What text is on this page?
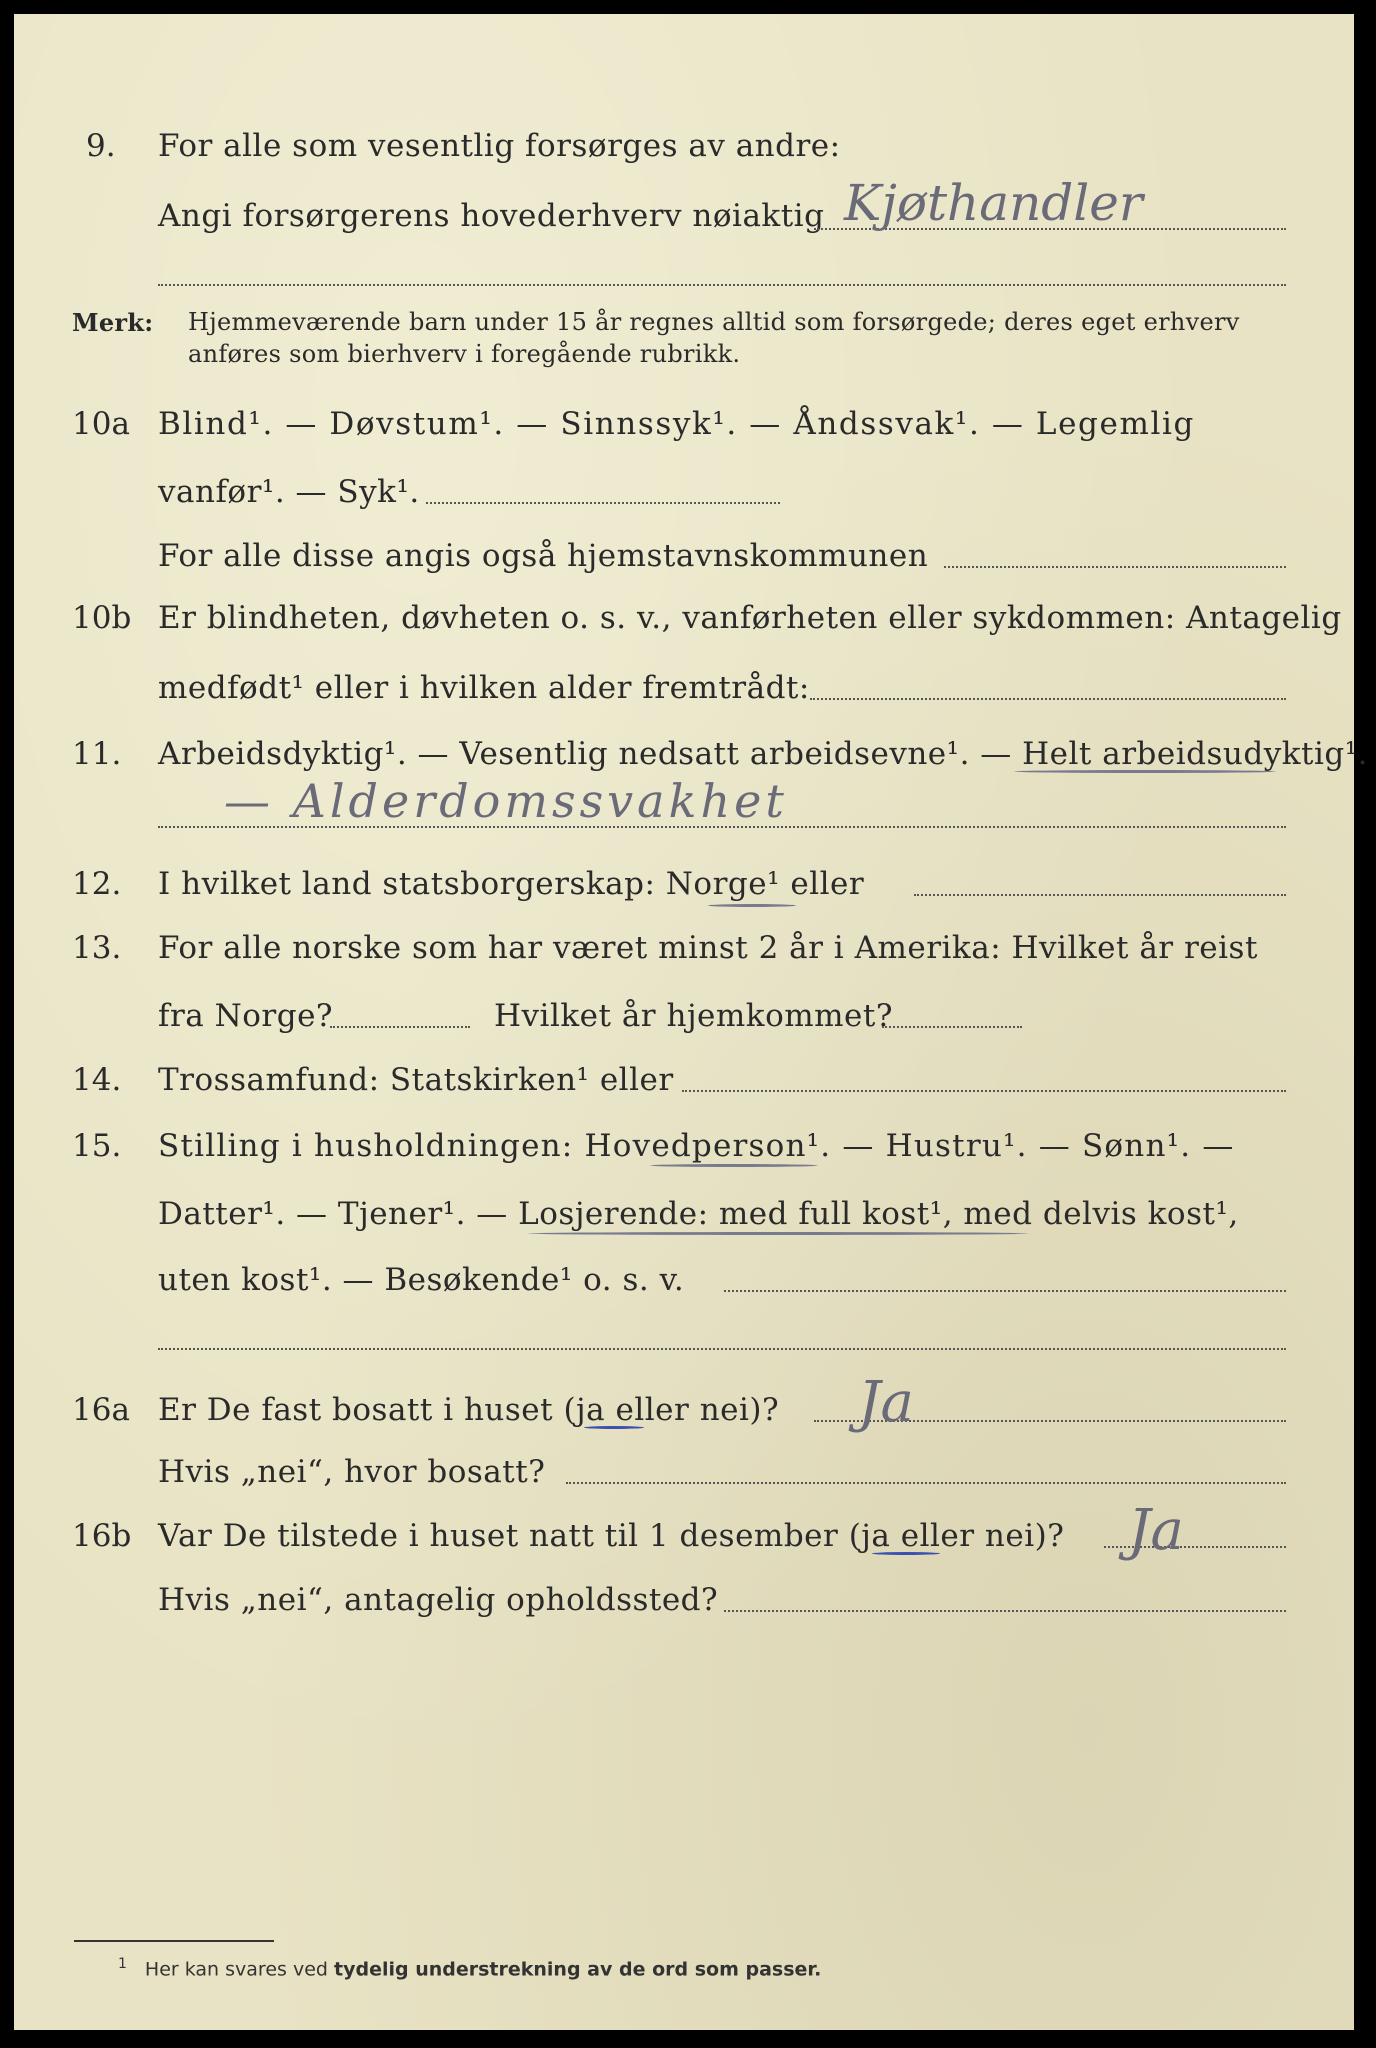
9. For alle som vesentlig forsørges av andre:
Angi forsørgerens hovederhverv nøiaktig Kjøthandler
Merk: Hjemmeværende barn under 15 år regnes alltid som forsørgede; deres eget erhverv
anføres som bierhverv i foregående rubrikk.
10a Blind¹. — Døvstum¹. — Sinnssyk¹. — Åndssvak¹. — Legemlig
vanfør¹. — Syk¹.
For alle disse angis også hjemstavnskommunen
10b Er blindheten, døvheten o. s. v., vanførheten eller sykdommen: Antagelig
medfødt¹ eller i hvilken alder fremtrådt:
11. Arbeidsdyktig¹. — Vesentlig nedsatt arbeidsevne¹. — Helt arbeidsudyktig¹.
— Alderdomssvakhet
12. I hvilket land statsborgerskap: Norge¹ eller
13. For alle norske som har været minst 2 år i Amerika: Hvilket år reist
fra Norge?	Hvilket år hjemkommet?
14. Trossamfund: Statskirken¹ eller
15. Stilling i husholdningen: Hovedperson¹. — Hustru¹. — Sønn¹. —
Datter¹. — Tjener¹. — Losjerende: med full kost¹, med delvis kost¹,
uten kost¹. — Besøkende¹ o. s. v.
16a Er De fast bosatt i huset (ja eller nei)? Ja
Hvis „nei“, hvor bosatt?
16b Var De tilstede i huset natt til 1 desember (ja eller nei)? Ja
Hvis „nei“, antagelig opholdssted?
$^1$ Her kan svares ved tydelig understrekning av de ord som passer.
